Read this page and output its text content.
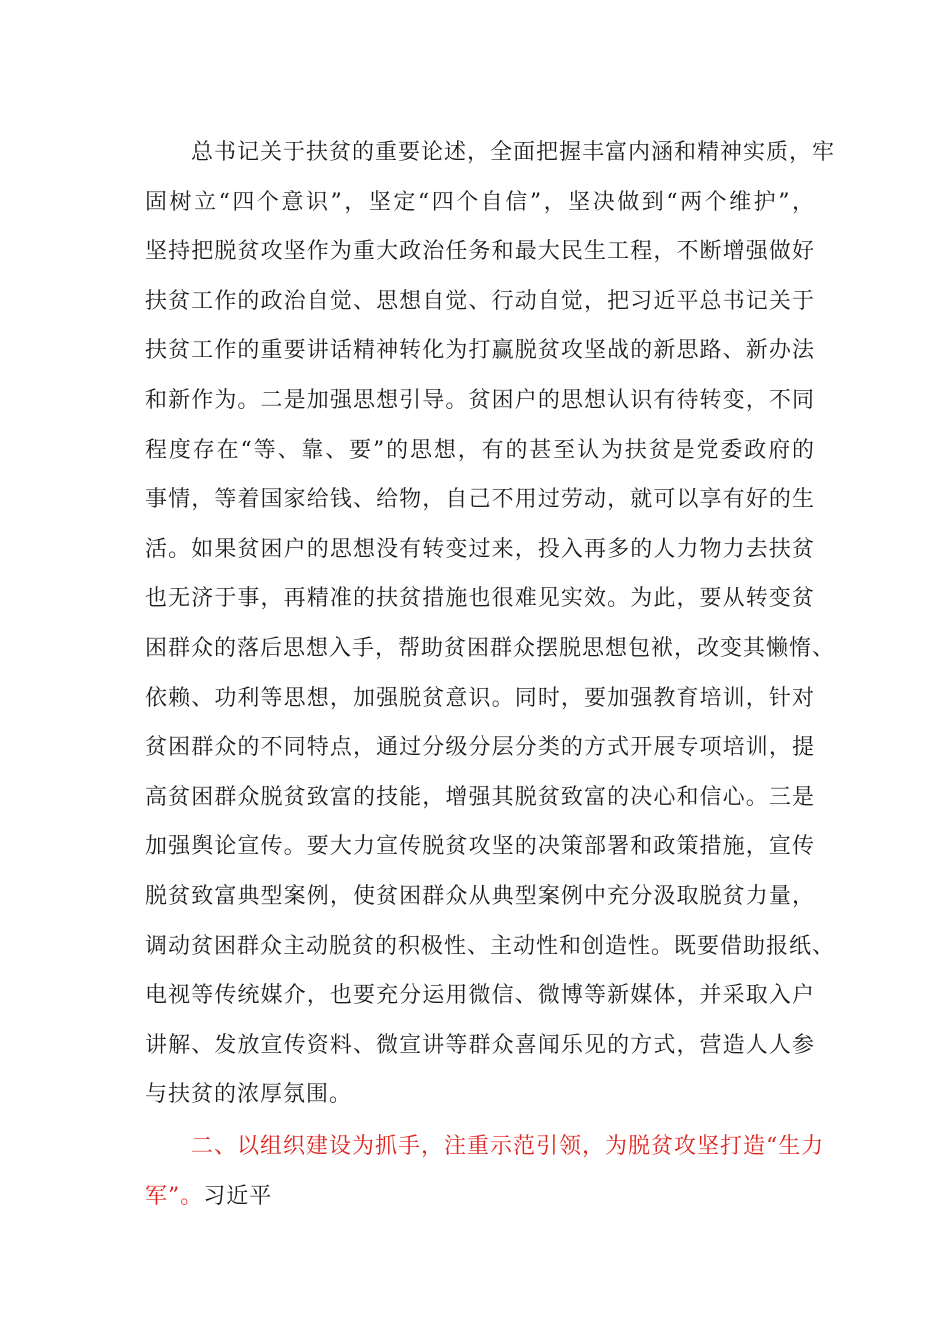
　　总书记关于扶贫的重要论述，全面把握丰富内涵和精神实质，牢
固树立“四个意识”，坚定“四个自信”，坚决做到“两个维护”，
坚持把脱贫攻坚作为重大政治任务和最大民生工程，不断增强做好
扶贫工作的政治自觉、思想自觉、行动自觉，把习近平总书记关于
扶贫工作的重要讲话精神转化为打赢脱贫攻坚战的新思路、新办法
和新作为。二是加强思想引导。贫困户的思想认识有待转变，不同
程度存在“等、靠、要”的思想，有的甚至认为扶贫是党委政府的
事情，等着国家给钱、给物，自己不用过劳动，就可以享有好的生
活。如果贫困户的思想没有转变过来，投入再多的人力物力去扶贫
也无济于事，再精准的扶贫措施也很难见实效。为此，要从转变贫
困群众的落后思想入手，帮助贫困群众摆脱思想包袱，改变其懒惰、
依赖、功利等思想，加强脱贫意识。同时，要加强教育培训，针对
贫困群众的不同特点，通过分级分层分类的方式开展专项培训，提
高贫困群众脱贫致富的技能，增强其脱贫致富的决心和信心。三是
加强舆论宣传。要大力宣传脱贫攻坚的决策部署和政策措施，宣传
脱贫致富典型案例，使贫困群众从典型案例中充分汲取脱贫力量，
调动贫困群众主动脱贫的积极性、主动性和创造性。既要借助报纸、
电视等传统媒介，也要充分运用微信、微博等新媒体，并采取入户
讲解、发放宣传资料、微宣讲等群众喜闻乐见的方式，营造人人参
与扶贫的浓厚氛围。
　　二、以组织建设为抓手，注重示范引领，为脱贫攻坚打造“生力
军”。习近平
